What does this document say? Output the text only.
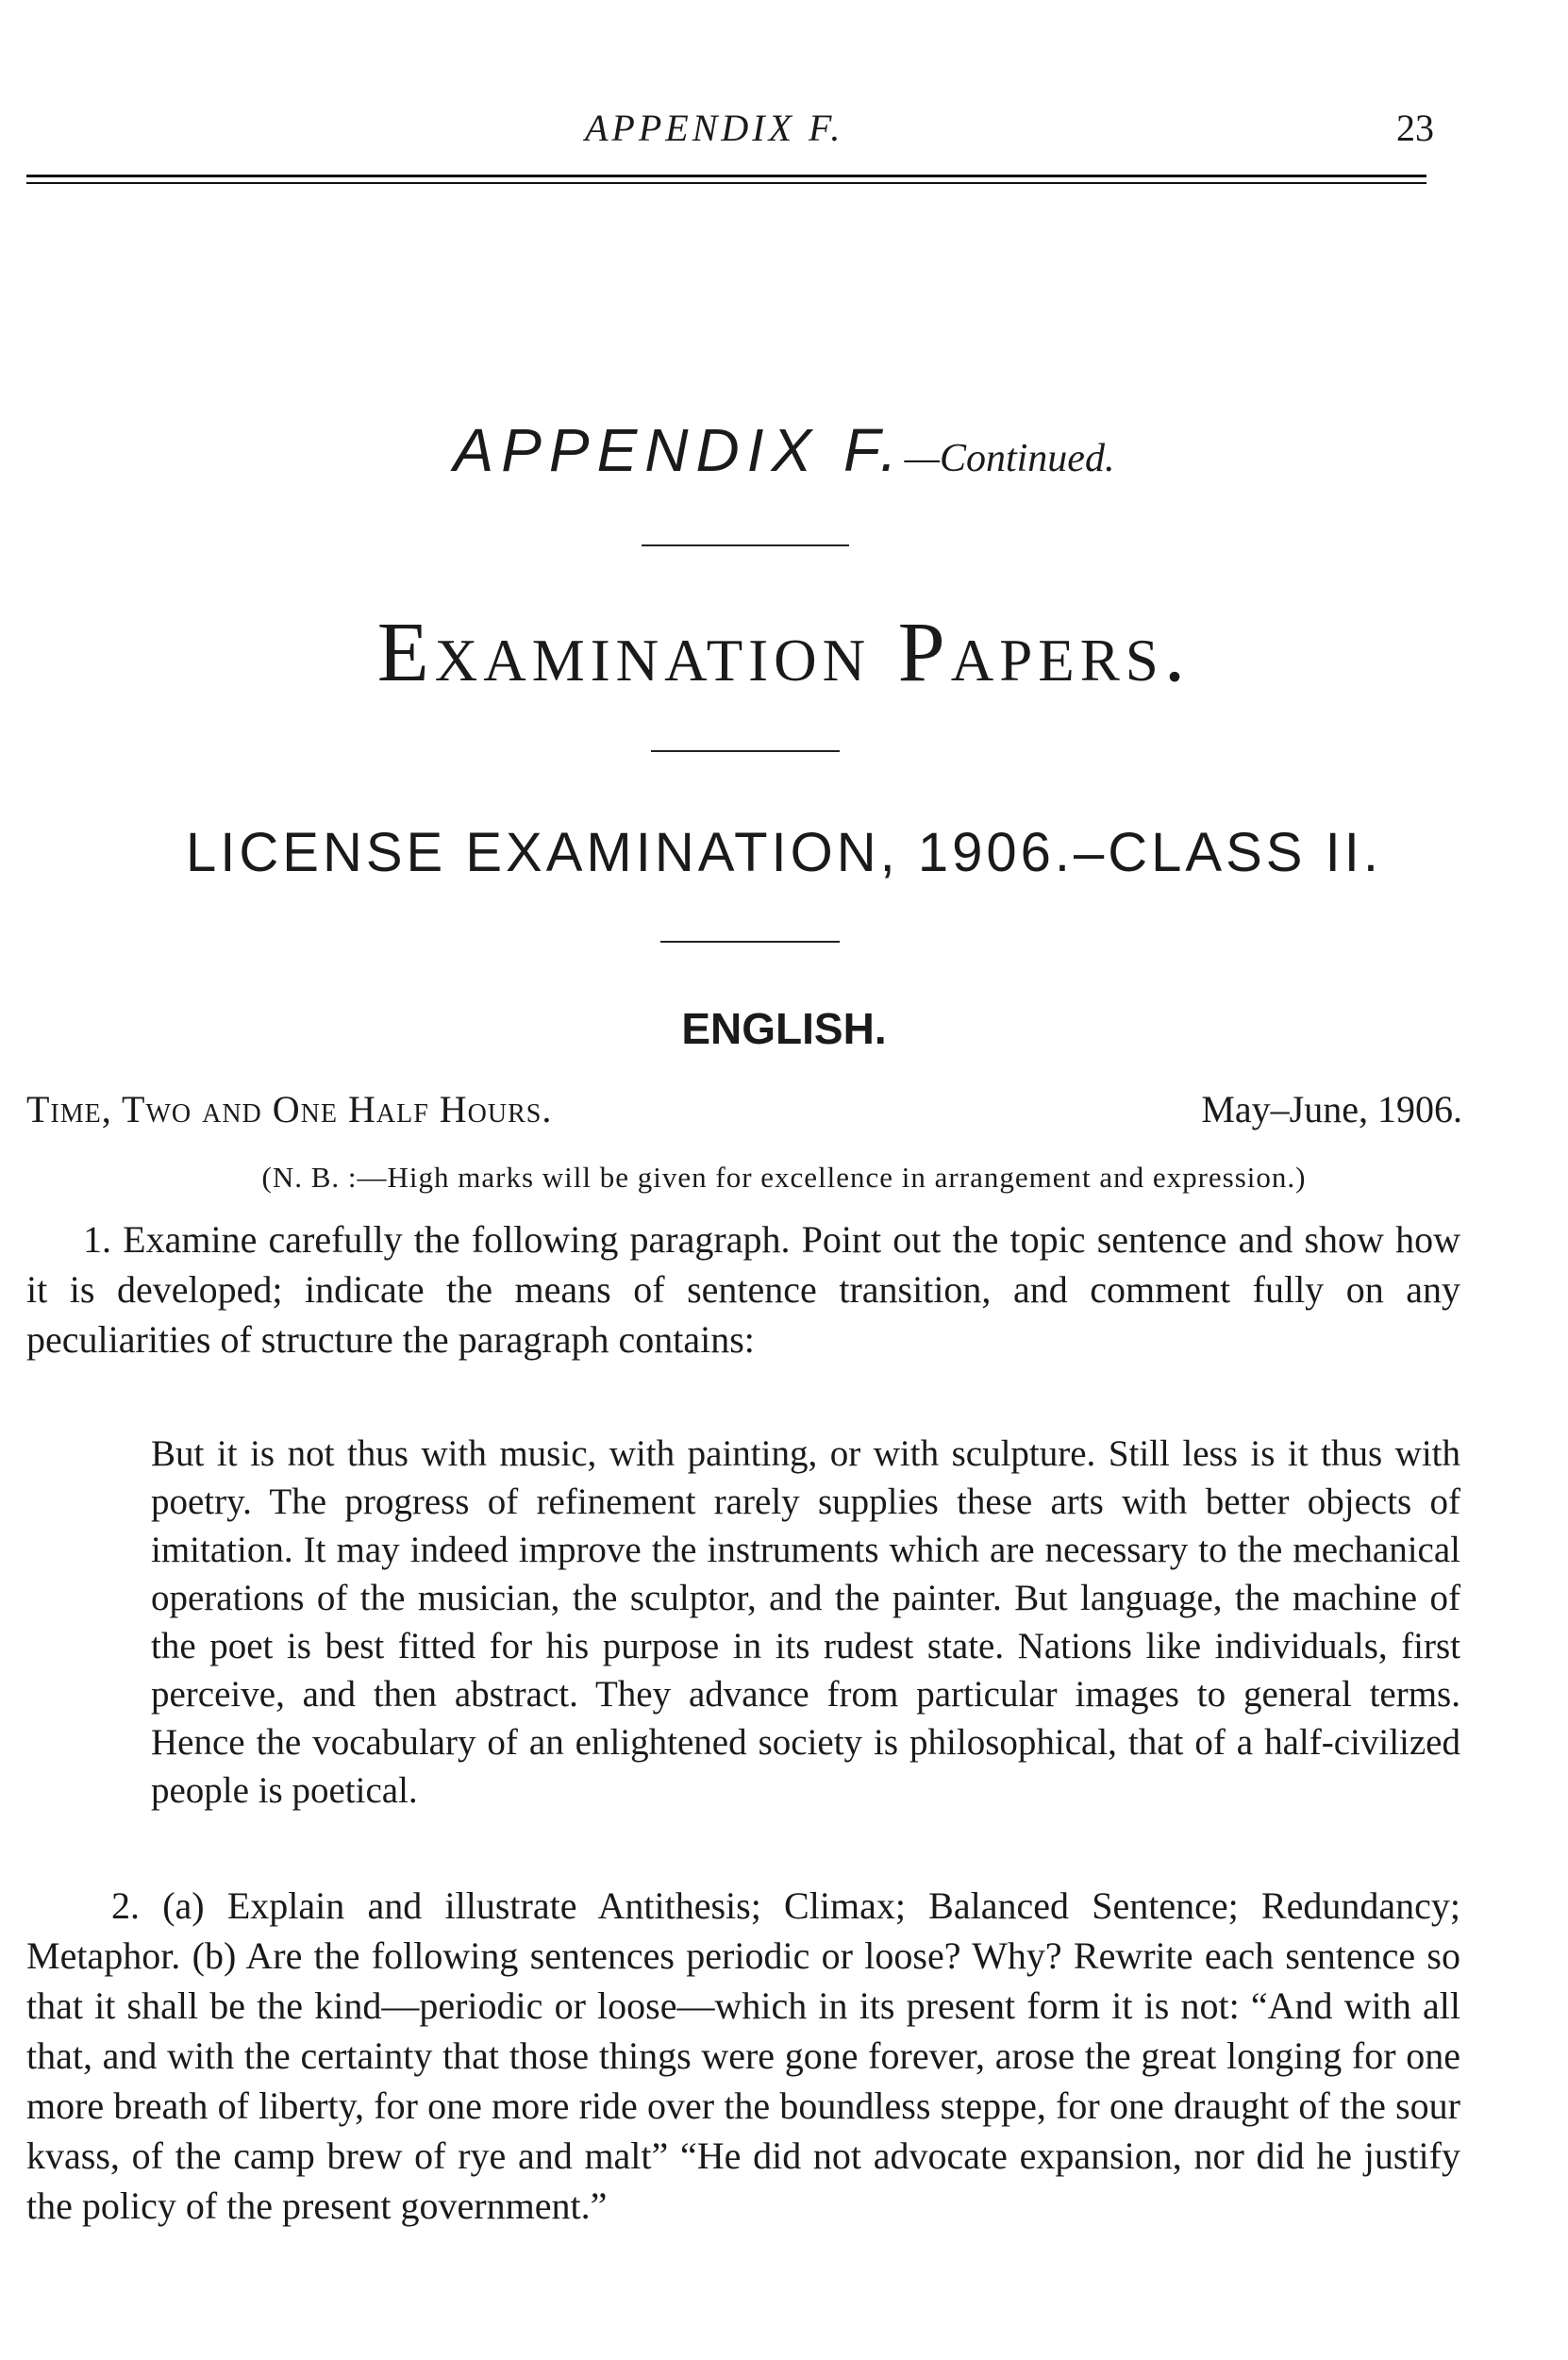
APPENDIX F.	23
APPENDIX F.—Continued.
Examination Papers.
LICENSE EXAMINATION, 1906.–CLASS II.
ENGLISH.
Time, Two and One Half Hours.	May–June, 1906.
(N. B. :—High marks will be given for excellence in arrangement and expression.)
1. Examine carefully the following paragraph. Point out the topic sentence and show how it is developed; indicate the means of sentence transition, and comment fully on any peculiarities of structure the paragraph contains:
But it is not thus with music, with painting, or with sculpture. Still less is it thus with poetry. The progress of refinement rarely supplies these arts with better objects of imitation. It may indeed improve the instruments which are necessary to the mechanical operations of the musician, the sculptor, and the painter. But language, the machine of the poet is best fitted for his purpose in its rudest state. Nations like individuals, first perceive, and then abstract. They advance from particular images to general terms. Hence the vocabulary of an enlightened society is philosophical, that of a half-civilized people is poetical.
2. (a) Explain and illustrate Antithesis; Climax; Balanced Sentence; Redundancy; Metaphor. (b) Are the following sentences periodic or loose? Why? Rewrite each sentence so that it shall be the kind—periodic or loose—which in its present form it is not: “And with all that, and with the certainty that those things were gone forever, arose the great longing for one more breath of liberty, for one more ride over the boundless steppe, for one draught of the sour kvass, of the camp brew of rye and malt” “He did not advocate expansion, nor did he justify the policy of the present government.”
